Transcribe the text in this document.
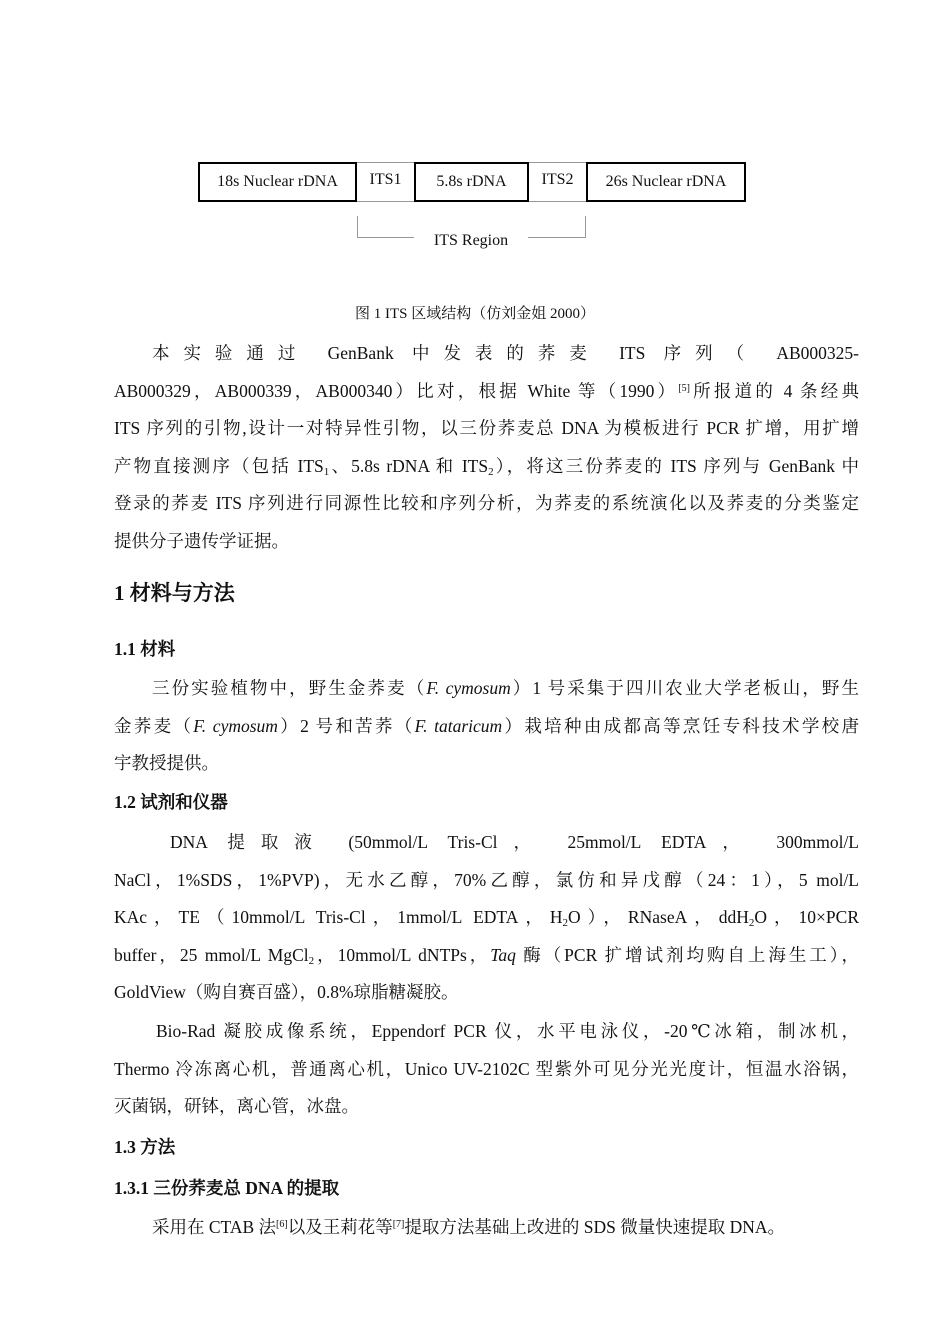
18s Nuclear rDNA	ITS1	5.8s rDNA	ITS2	26s Nuclear rDNA
ITS Region
图 1 ITS 区域结构（仿刘金姐 2000）
本实验通过 GenBank 中发表的荞麦 ITS 序列（ AB000325-
AB000329，AB000339，AB000340）比对，根据 White 等（1990）[5]所报道的 4 条经典
ITS 序列的引物,设计一对特异性引物，以三份荞麦总 DNA 为模板进行 PCR 扩增，用扩增
产物直接测序（包括 $ITS_1$、5.8s rDNA 和 $ITS_2$），将这三份荞麦的 ITS 序列与 GenBank 中
登录的荞麦 ITS 序列进行同源性比较和序列分析，为荞麦的系统演化以及荞麦的分类鉴定
提供分子遗传学证据。
1 材料与方法
1.1 材料
三份实验植物中，野生金荞麦（F. cymosum）1 号采集于四川农业大学老板山，野生
金荞麦（F. cymosum）2 号和苦荞（F. tataricum）栽培种由成都高等烹饪专科技术学校唐
宇教授提供。
1.2 试剂和仪器
DNA 提取液 (50mmol/L Tris-Cl， 25mmol/L EDTA， 300mmol/L
NaCl，1%SDS，1%PVP)，无水乙醇，70%乙醇，氯仿和异戊醇（24：1），5 mol/L
KAc，TE（10mmol/L Tris-Cl，1mmol/L EDTA，$H_2O$），RNaseA，ddH$_2$O，10×PCR
buffer，25 mmol/L MgCl$_2$，10mmol/L dNTPs，Taq 酶（PCR 扩增试剂均购自上海生工），
GoldView（购自赛百盛），0.8%琼脂糖凝胶。
Bio-Rad 凝胶成像系统，Eppendorf PCR 仪，水平电泳仪，-20℃冰箱，制冰机，
Thermo 冷冻离心机，普通离心机，Unico UV-2102C 型紫外可见分光光度计，恒温水浴锅，
灭菌锅，研钵，离心管，冰盘。
1.3 方法
1.3.1 三份荞麦总 DNA 的提取
采用在 CTAB 法[6]以及王莉花等[7]提取方法基础上改进的 SDS 微量快速提取 DNA。
